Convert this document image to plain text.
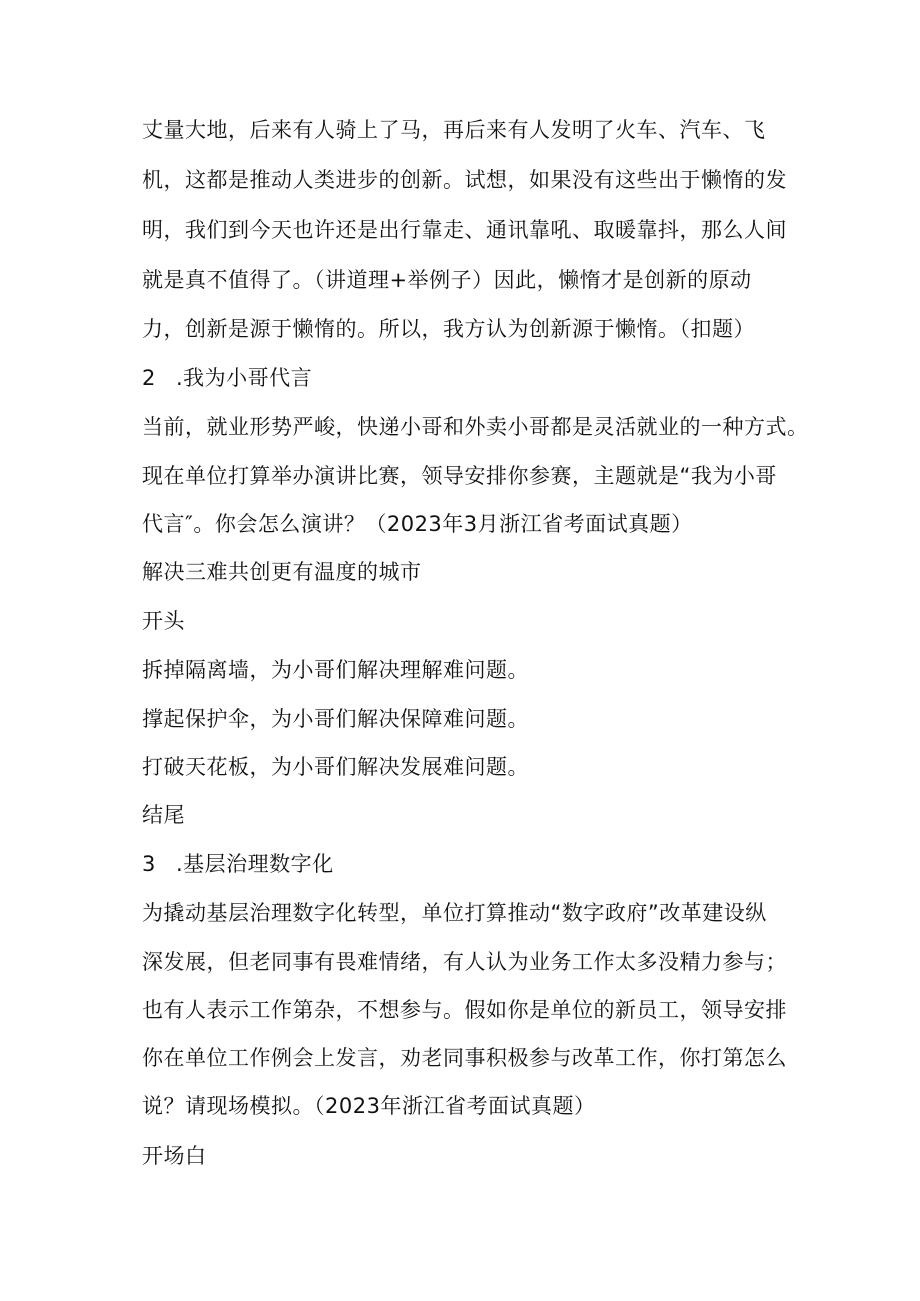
丈量大地，后来有人骑上了马，再后来有人发明了火车、汽车、飞
机，这都是推动人类进步的创新。试想，如果没有这些出于懒惰的发
明，我们到今天也许还是出行靠走、通讯靠吼、取暖靠抖，那么人间
就是真不值得了。（讲道理+举例子）因此，懒惰才是创新的原动
力，创新是源于懒惰的。所以，我方认为创新源于懒惰。（扣题）
2 .我为小哥代言
当前，就业形势严峻，快递小哥和外卖小哥都是灵活就业的一种方式。
现在单位打算举办演讲比赛，领导安排你参赛，主题就是“我为小哥
代言″。你会怎么演讲？（2023年3月浙江省考面试真题）
解决三难共创更有温度的城市
开头
拆掉隔离墙，为小哥们解决理解难问题。
撑起保护伞，为小哥们解决保障难问题。
打破天花板，为小哥们解决发展难问题。
结尾
3 .基层治理数字化
为撬动基层治理数字化转型，单位打算推动“数字政府”改革建设纵
深发展，但老同事有畏难情绪，有人认为业务工作太多没精力参与；
也有人表示工作第杂，不想参与。假如你是单位的新员工，领导安排
你在单位工作例会上发言，劝老同事积极参与改革工作，你打第怎么
说？请现场模拟。（2023年浙江省考面试真题）
开场白
